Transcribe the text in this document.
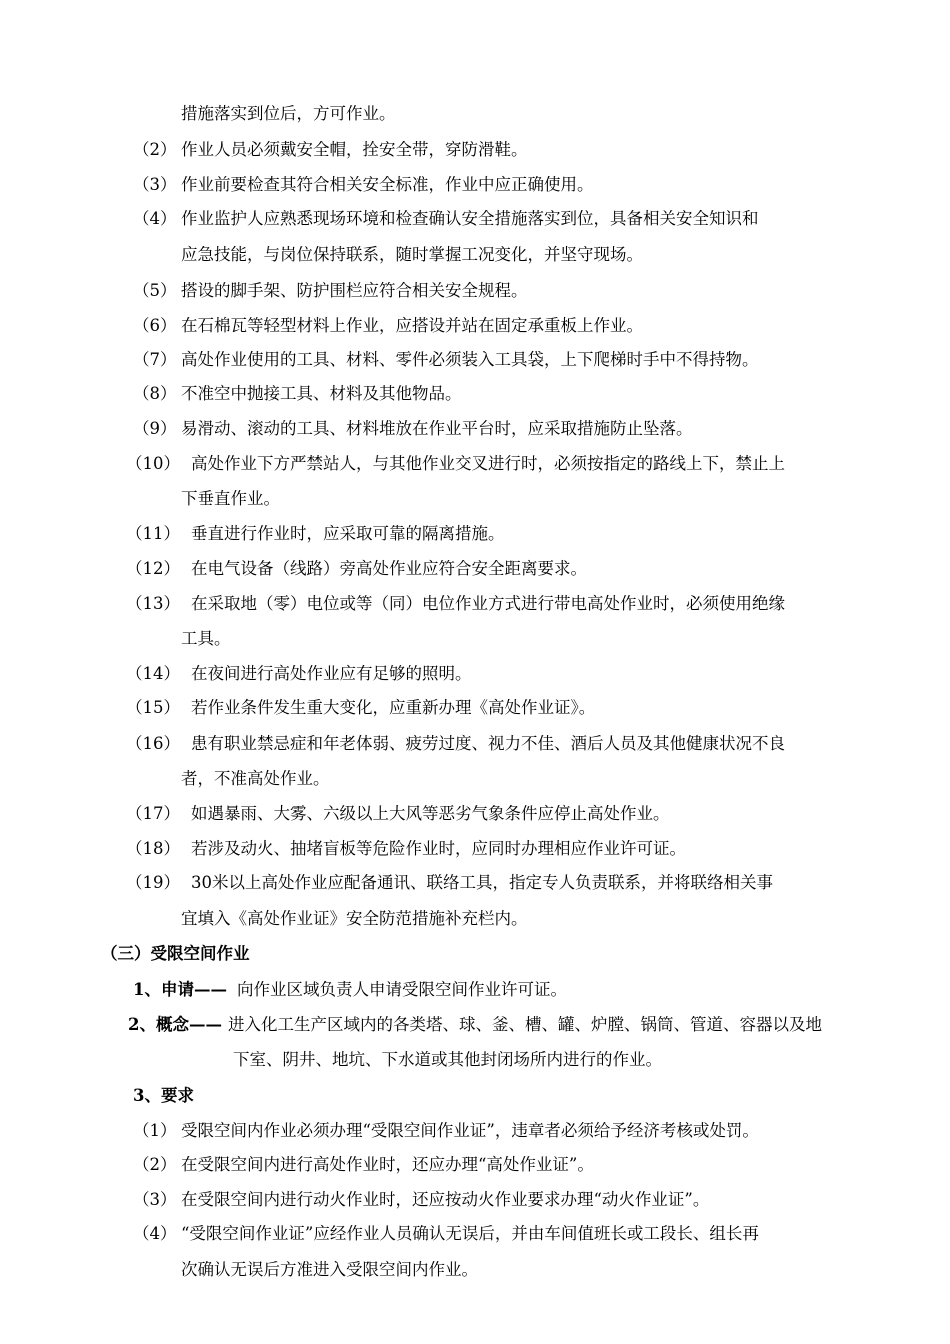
措施落实到位后，方可作业。
（2） 作业人员必须戴安全帽，拴安全带，穿防滑鞋。
（3） 作业前要检查其符合相关安全标准，作业中应正确使用。
（4） 作业监护人应熟悉现场环境和检查确认安全措施落实到位，具备相关安全知识和
应急技能，与岗位保持联系，随时掌握工况变化，并坚守现场。
（5） 搭设的脚手架、防护围栏应符合相关安全规程。
（6） 在石棉瓦等轻型材料上作业，应搭设并站在固定承重板上作业。
（7） 高处作业使用的工具、材料、零件必须装入工具袋，上下爬梯时手中不得持物。
（8） 不准空中抛接工具、材料及其他物品。
（9） 易滑动、滚动的工具、材料堆放在作业平台时，应采取措施防止坠落。
（10） 高处作业下方严禁站人，与其他作业交叉进行时，必须按指定的路线上下，禁止上
下垂直作业。
（11） 垂直进行作业时，应采取可靠的隔离措施。
（12） 在电气设备（线路）旁高处作业应符合安全距离要求。
（13） 在采取地（零）电位或等（同）电位作业方式进行带电高处作业时，必须使用绝缘
工具。
（14） 在夜间进行高处作业应有足够的照明。
（15） 若作业条件发生重大变化，应重新办理《高处作业证》。
（16） 患有职业禁忌症和年老体弱、疲劳过度、视力不佳、酒后人员及其他健康状况不良
者，不准高处作业。
（17） 如遇暴雨、大雾、六级以上大风等恶劣气象条件应停止高处作业。
（18） 若涉及动火、抽堵盲板等危险作业时，应同时办理相应作业许可证。
（19） 30米以上高处作业应配备通讯、联络工具，指定专人负责联系，并将联络相关事
宜填入《高处作业证》安全防范措施补充栏内。
（三）受限空间作业
1、申请—— 向作业区域负责人申请受限空间作业许可证。
2、概念—— 进入化工生产区域内的各类塔、球、釜、槽、罐、炉膛、锅筒、管道、容器以及地
下室、阴井、地坑、下水道或其他封闭场所内进行的作业。
3、要求
（1） 受限空间内作业必须办理“受限空间作业证”，违章者必须给予经济考核或处罚。
（2） 在受限空间内进行高处作业时，还应办理“高处作业证”。
（3） 在受限空间内进行动火作业时，还应按动火作业要求办理“动火作业证”。
（4） “受限空间作业证”应经作业人员确认无误后，并由车间值班长或工段长、组长再
次确认无误后方准进入受限空间内作业。
